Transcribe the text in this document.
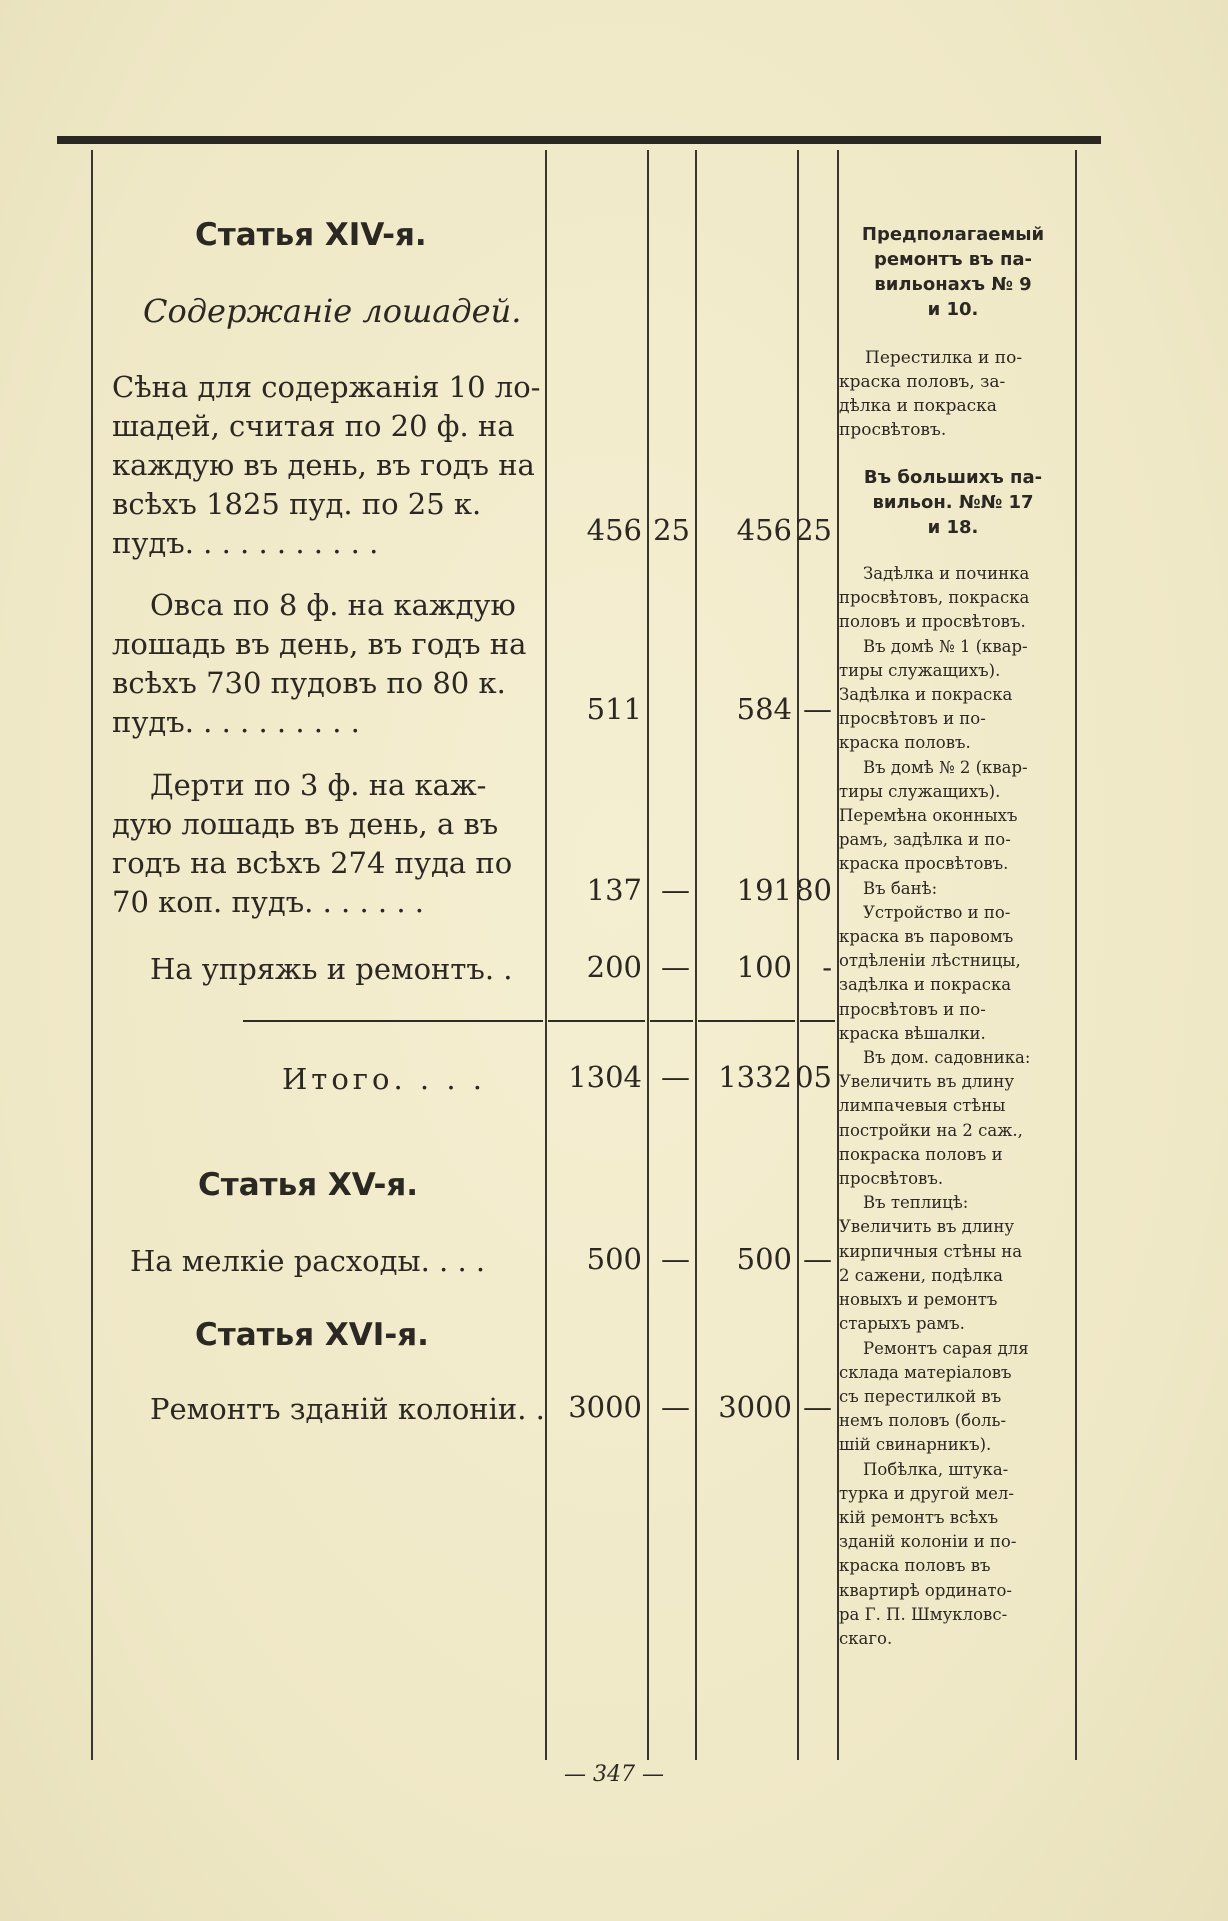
Статья XIV-я.
Содержаніе лошадей.
Сѣна для содержанія 10 ло-
шадей, считая по 20 ф. на
каждую въ день, въ годъ на
всѣхъ 1825 пуд. по 25 к.
пудъ. . . . . . . . . . .
Овса по 8 ф. на каждую
лошадь въ день, въ годъ на
всѣхъ 730 пудовъ по 80 к.
пудъ. . . . . . . . . .
Дерти по 3 ф. на каж-
дую лошадь въ день, а въ
годъ на всѣхъ 274 пуда по
70 коп. пудъ. . . . . . .
На упряжь и ремонтъ. .
Итого. . . .
Статья XV-я.
На мелкіе расходы. . . .
Статья XVI-я.
Ремонтъ зданій колоніи. .
456 25 456 25
511	584 —
137 — 191 80
200 — 100 -
1304 — 1332 05
500 — 500 —
3000 — 3000 —
Предполагаемый
ремонтъ въ па-
вильонахъ № 9
и 10.
Перестилка и по-
краска половъ, за-
дѣлка и покраска
просвѣтовъ.
Въ большихъ па-
вильон. №№ 17
и 18.
Задѣлка и починка
просвѣтовъ, покраска
половъ и просвѣтовъ.
Въ домѣ № 1 (квар-
тиры служащихъ).
Задѣлка и покраска
просвѣтовъ и по-
краска половъ.
Въ домѣ № 2 (квар-
тиры служащихъ).
Перемѣна оконныхъ
рамъ, задѣлка и по-
краска просвѣтовъ.
Въ банѣ:
Устройство и по-
краска въ паровомъ
отдѣленіи лѣстницы,
задѣлка и покраска
просвѣтовъ и по-
краска вѣшалки.
Въ дом. садовника:
Увеличить въ длину
лимпачевыя стѣны
постройки на 2 саж.,
покраска половъ и
просвѣтовъ.
Въ теплицѣ:
Увеличить въ длину
кирпичныя стѣны на
2 сажени, подѣлка
новыхъ и ремонтъ
старыхъ рамъ.
Ремонтъ сарая для
склада матеріаловъ
съ перестилкой въ
немъ половъ (боль-
шій свинарникъ).
Побѣлка, штука-
турка и другой мел-
кій ремонтъ всѣхъ
зданій колоніи и по-
краска половъ въ
квартирѣ ординато-
ра Г. П. Шмукловс-
скаго.
— 347 —
